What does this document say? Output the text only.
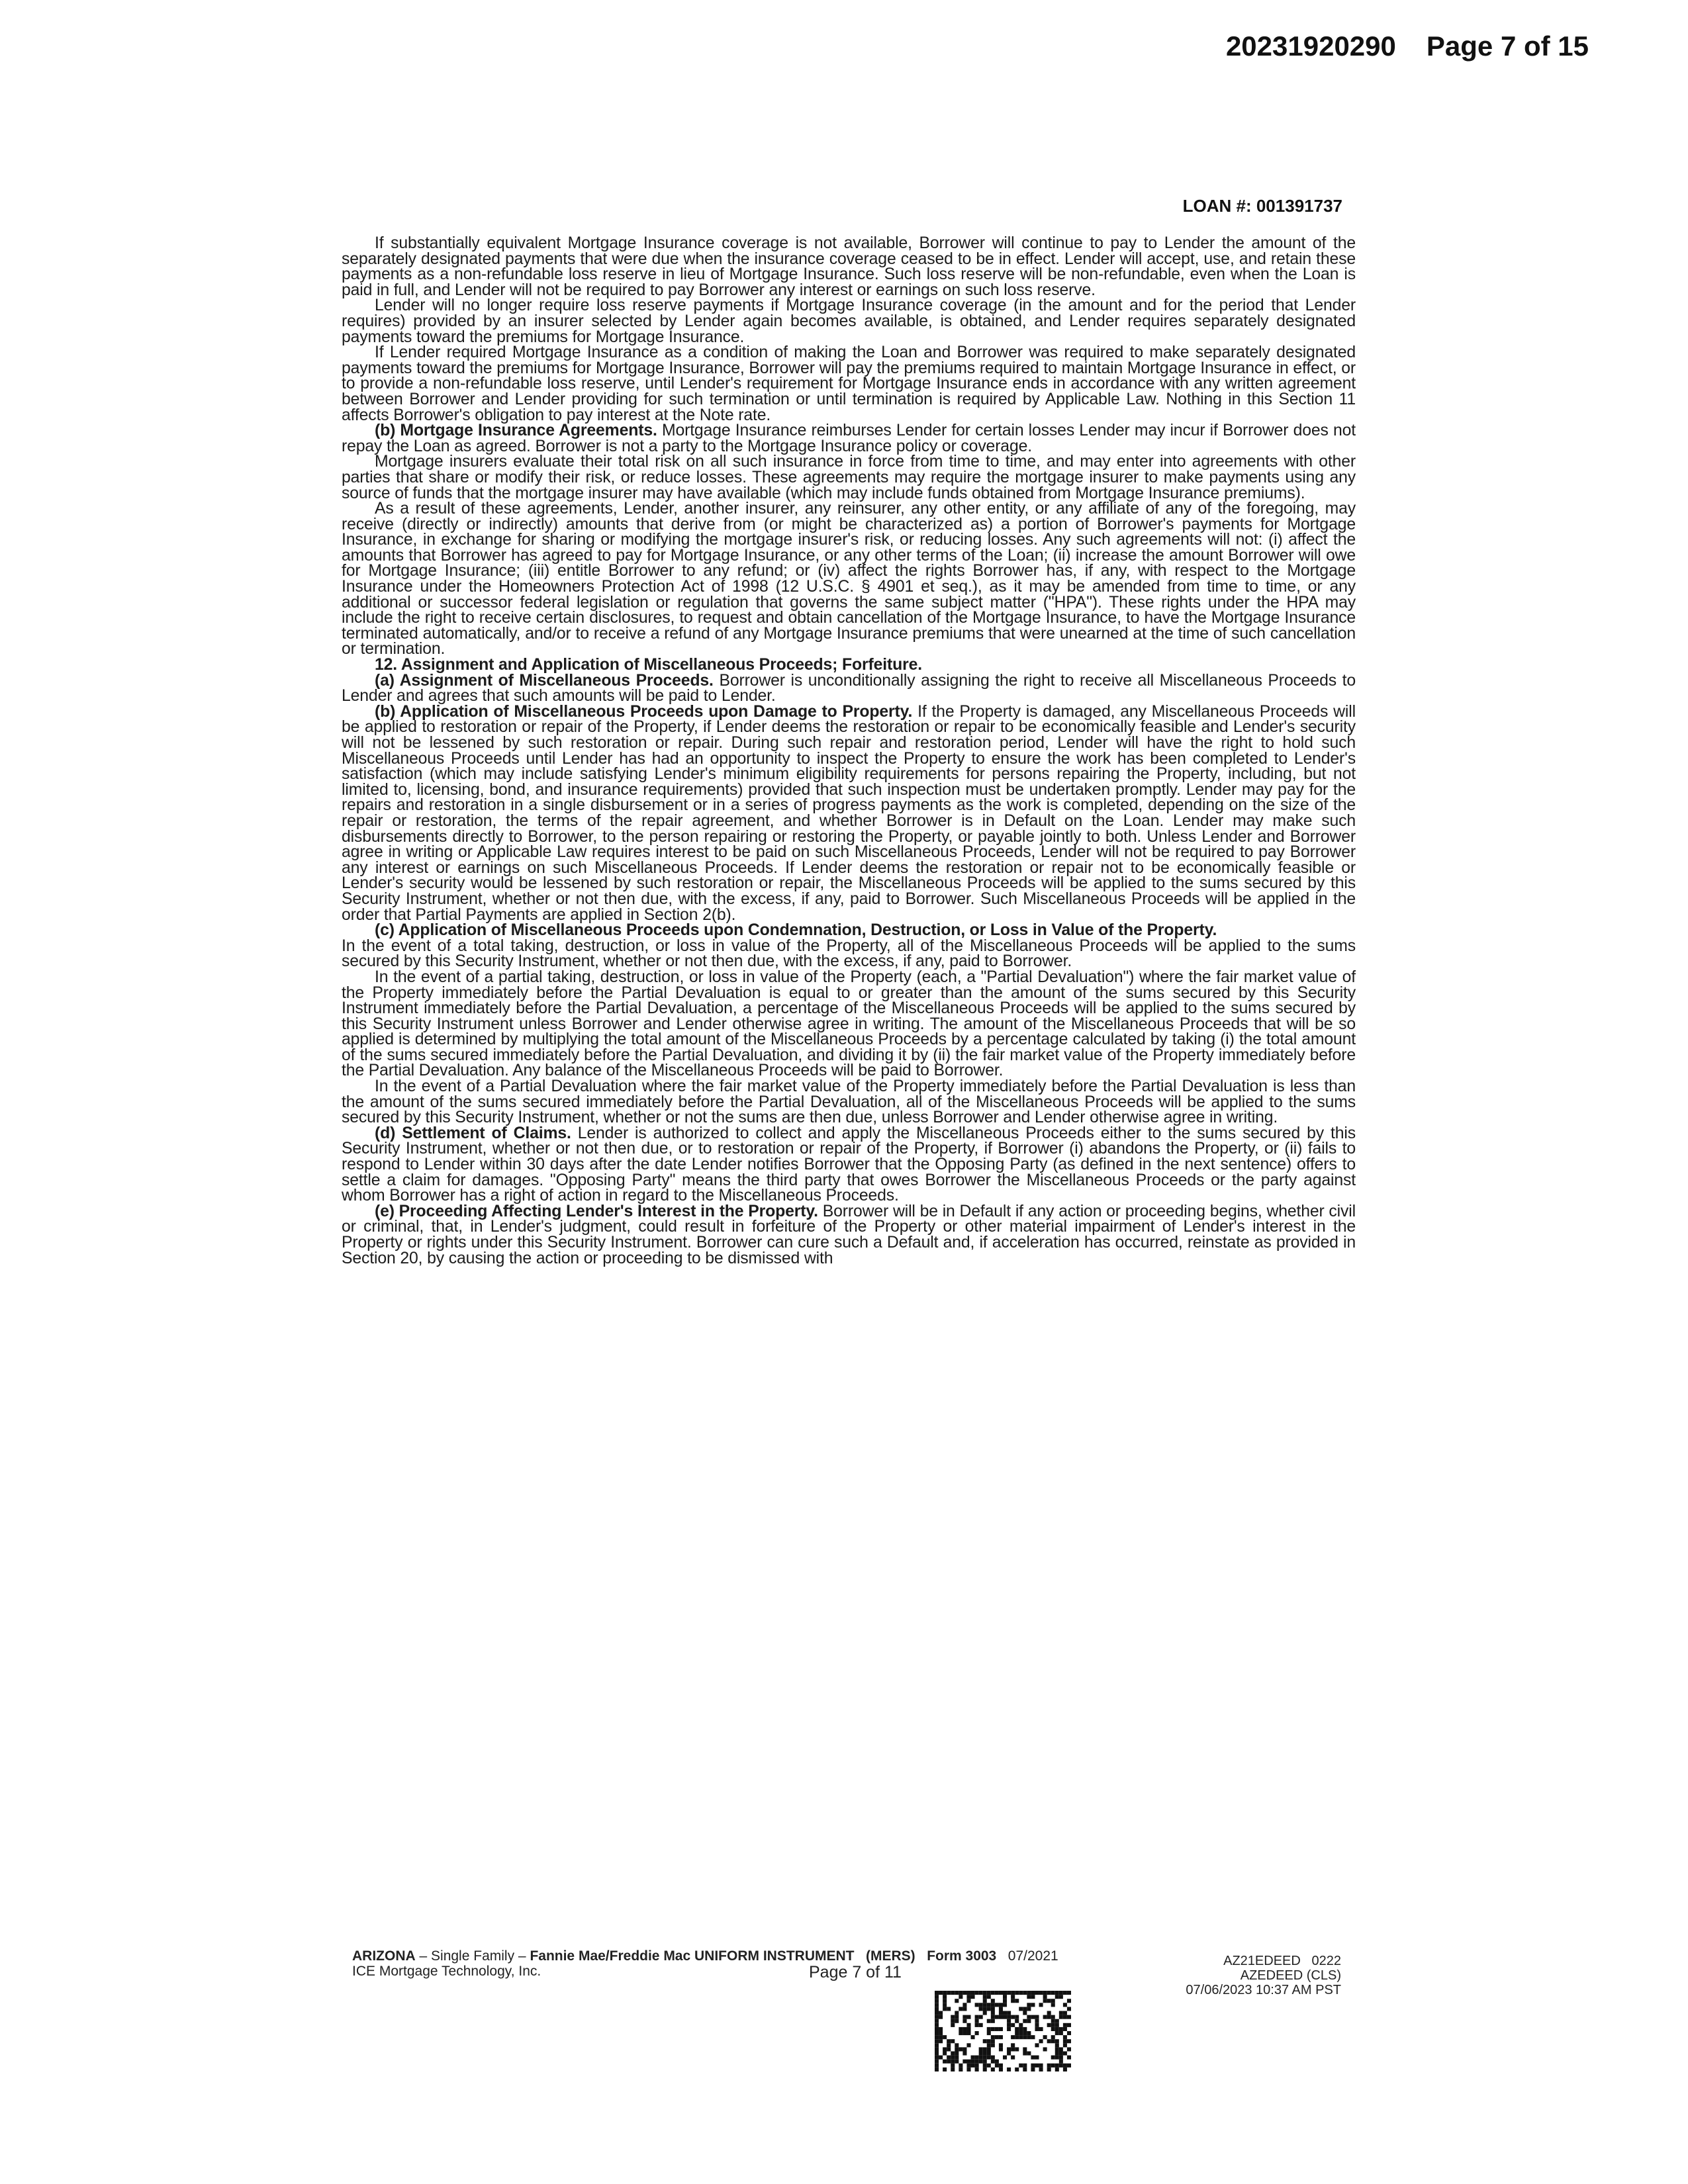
20231920290 Page 7 of 15
LOAN #: 001391737

If substantially equivalent Mortgage Insurance coverage is not available, Borrower will continue to pay to Lender the amount of the separately designated payments that were due when the insurance coverage ceased to be in effect. Lender will accept, use, and retain these payments as a non-refundable loss reserve in lieu of Mortgage Insurance. Such loss reserve will be non-refundable, even when the Loan is paid in full, and Lender will not be required to pay Borrower any interest or earnings on such loss reserve.

Lender will no longer require loss reserve payments if Mortgage Insurance coverage (in the amount and for the period that Lender requires) provided by an insurer selected by Lender again becomes available, is obtained, and Lender requires separately designated payments toward the premiums for Mortgage Insurance.

If Lender required Mortgage Insurance as a condition of making the Loan and Borrower was required to make separately designated payments toward the premiums for Mortgage Insurance, Borrower will pay the premiums required to maintain Mortgage Insurance in effect, or to provide a non-refundable loss reserve, until Lender's requirement for Mortgage Insurance ends in accordance with any written agreement between Borrower and Lender providing for such termination or until termination is required by Applicable Law. Nothing in this Section 11 affects Borrower's obligation to pay interest at the Note rate.

(b) Mortgage Insurance Agreements. Mortgage Insurance reimburses Lender for certain losses Lender may incur if Borrower does not repay the Loan as agreed. Borrower is not a party to the Mortgage Insurance policy or coverage.

Mortgage insurers evaluate their total risk on all such insurance in force from time to time, and may enter into agreements with other parties that share or modify their risk, or reduce losses. These agreements may require the mortgage insurer to make payments using any source of funds that the mortgage insurer may have available (which may include funds obtained from Mortgage Insurance premiums).

As a result of these agreements, Lender, another insurer, any reinsurer, any other entity, or any affiliate of any of the foregoing, may receive (directly or indirectly) amounts that derive from (or might be characterized as) a portion of Borrower's payments for Mortgage Insurance, in exchange for sharing or modifying the mortgage insurer's risk, or reducing losses. Any such agreements will not: (i) affect the amounts that Borrower has agreed to pay for Mortgage Insurance, or any other terms of the Loan; (ii) increase the amount Borrower will owe for Mortgage Insurance; (iii) entitle Borrower to any refund; or (iv) affect the rights Borrower has, if any, with respect to the Mortgage Insurance under the Homeowners Protection Act of 1998 (12 U.S.C. § 4901 et seq.), as it may be amended from time to time, or any additional or successor federal legislation or regulation that governs the same subject matter ("HPA"). These rights under the HPA may include the right to receive certain disclosures, to request and obtain cancellation of the Mortgage Insurance, to have the Mortgage Insurance terminated automatically, and/or to receive a refund of any Mortgage Insurance premiums that were unearned at the time of such cancellation or termination.

12. Assignment and Application of Miscellaneous Proceeds; Forfeiture.

(a) Assignment of Miscellaneous Proceeds. Borrower is unconditionally assigning the right to receive all Miscellaneous Proceeds to Lender and agrees that such amounts will be paid to Lender.

(b) Application of Miscellaneous Proceeds upon Damage to Property. If the Property is damaged, any Miscellaneous Proceeds will be applied to restoration or repair of the Property, if Lender deems the restoration or repair to be economically feasible and Lender's security will not be lessened by such restoration or repair. During such repair and restoration period, Lender will have the right to hold such Miscellaneous Proceeds until Lender has had an opportunity to inspect the Property to ensure the work has been completed to Lender's satisfaction (which may include satisfying Lender's minimum eligibility requirements for persons repairing the Property, including, but not limited to, licensing, bond, and insurance requirements) provided that such inspection must be undertaken promptly. Lender may pay for the repairs and restoration in a single disbursement or in a series of progress payments as the work is completed, depending on the size of the repair or restoration, the terms of the repair agreement, and whether Borrower is in Default on the Loan. Lender may make such disbursements directly to Borrower, to the person repairing or restoring the Property, or payable jointly to both. Unless Lender and Borrower agree in writing or Applicable Law requires interest to be paid on such Miscellaneous Proceeds, Lender will not be required to pay Borrower any interest or earnings on such Miscellaneous Proceeds. If Lender deems the restoration or repair not to be economically feasible or Lender's security would be lessened by such restoration or repair, the Miscellaneous Proceeds will be applied to the sums secured by this Security Instrument, whether or not then due, with the excess, if any, paid to Borrower. Such Miscellaneous Proceeds will be applied in the order that Partial Payments are applied in Section 2(b).

(c) Application of Miscellaneous Proceeds upon Condemnation, Destruction, or Loss in Value of the Property.

In the event of a total taking, destruction, or loss in value of the Property, all of the Miscellaneous Proceeds will be applied to the sums secured by this Security Instrument, whether or not then due, with the excess, if any, paid to Borrower.

In the event of a partial taking, destruction, or loss in value of the Property (each, a "Partial Devaluation") where the fair market value of the Property immediately before the Partial Devaluation is equal to or greater than the amount of the sums secured by this Security Instrument immediately before the Partial Devaluation, a percentage of the Miscellaneous Proceeds will be applied to the sums secured by this Security Instrument unless Borrower and Lender otherwise agree in writing. The amount of the Miscellaneous Proceeds that will be so applied is determined by multiplying the total amount of the Miscellaneous Proceeds by a percentage calculated by taking (i) the total amount of the sums secured immediately before the Partial Devaluation, and dividing it by (ii) the fair market value of the Property immediately before the Partial Devaluation. Any balance of the Miscellaneous Proceeds will be paid to Borrower.

In the event of a Partial Devaluation where the fair market value of the Property immediately before the Partial Devaluation is less than the amount of the sums secured immediately before the Partial Devaluation, all of the Miscellaneous Proceeds will be applied to the sums secured by this Security Instrument, whether or not the sums are then due, unless Borrower and Lender otherwise agree in writing.

(d) Settlement of Claims. Lender is authorized to collect and apply the Miscellaneous Proceeds either to the sums secured by this Security Instrument, whether or not then due, or to restoration or repair of the Property, if Borrower (i) abandons the Property, or (ii) fails to respond to Lender within 30 days after the date Lender notifies Borrower that the Opposing Party (as defined in the next sentence) offers to settle a claim for damages. "Opposing Party" means the third party that owes Borrower the Miscellaneous Proceeds or the party against whom Borrower has a right of action in regard to the Miscellaneous Proceeds.

(e) Proceeding Affecting Lender's Interest in the Property. Borrower will be in Default if any action or proceeding begins, whether civil or criminal, that, in Lender's judgment, could result in forfeiture of the Property or other material impairment of Lender's interest in the Property or rights under this Security Instrument. Borrower can cure such a Default and, if acceleration has occurred, reinstate as provided in Section 20, by causing the action or proceeding to be dismissed with

ARIZONA – Single Family – Fannie Mae/Freddie Mac UNIFORM INSTRUMENT (MERS) Form 3003 07/2021
ICE Mortgage Technology, Inc.	Page 7 of 11
AZ21EDEED   0222
AZEDEED (CLS)
07/06/2023 10:37 AM PST
